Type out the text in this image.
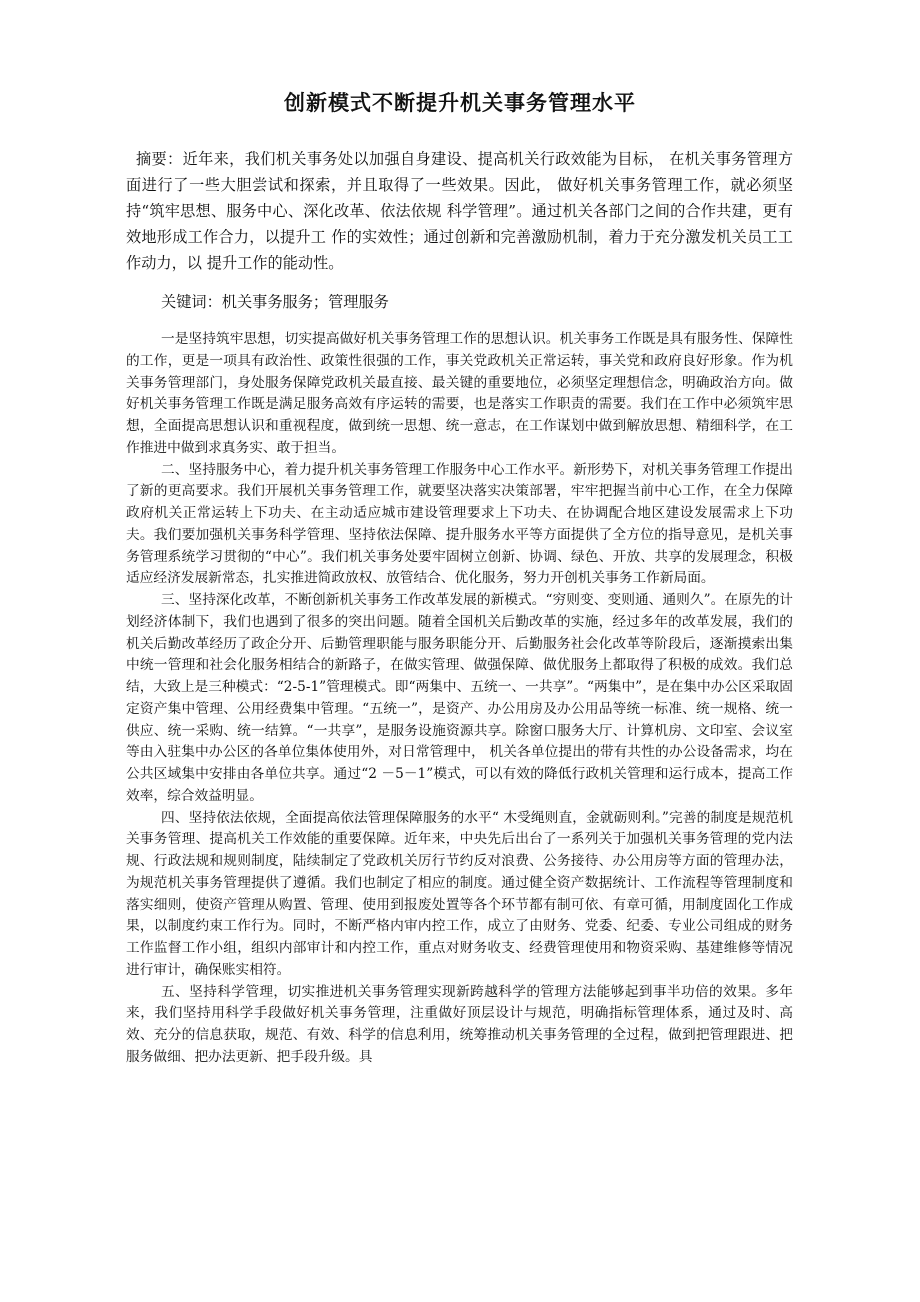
创新模式不断提升机关事务管理水平

摘要：近年来，我们机关事务处以加强自身建设、提高机关行政效能为目标， 在机关事务管理方面进行了一些大胆尝试和探索，并且取得了一些效果。因此， 做好机关事务管理工作，就必须坚持“筑牢思想、服务中心、深化改革、依法依规 科学管理”。通过机关各部门之间的合作共建，更有效地形成工作合力，以提升工 作的实效性；通过创新和完善激励机制，着力于充分激发机关员工工作动力，以 提升工作的能动性。

关键词：机关事务服务；管理服务

一是坚持筑牢思想，切实提高做好机关事务管理工作的思想认识。机关事务工作既是具有服务性、保障性的工作，更是一项具有政治性、政策性很强的工作，事关党政机关正常运转，事关党和政府良好形象。作为机关事务管理部门，身处服务保障党政机关最直接、最关键的重要地位，必须坚定理想信念，明确政治方向。做好机关事务管理工作既是满足服务高效有序运转的需要，也是落实工作职责的需要。我们在工作中必须筑牢思想，全面提高思想认识和重视程度，做到统一思想、统一意志，在工作谋划中做到解放思想、精细科学，在工作推进中做到求真务实、敢于担当。

二、坚持服务中心，着力提升机关事务管理工作服务中心工作水平。新形势下，对机关事务管理工作提出了新的更高要求。我们开展机关事务管理工作，就要坚决落实决策部署，牢牢把握当前中心工作，在全力保障政府机关正常运转上下功夫、在主动适应城市建设管理要求上下功夫、在协调配合地区建设发展需求上下功夫。我们要加强机关事务科学管理、坚持依法保障、提升服务水平等方面提供了全方位的指导意见，是机关事务管理系统学习贯彻的“中心”。我们机关事务处要牢固树立创新、协调、绿色、开放、共享的发展理念，积极适应经济发展新常态，扎实推进简政放权、放管结合、优化服务，努力开创机关事务工作新局面。

三、坚持深化改革，不断创新机关事务工作改革发展的新模式。“穷则变、变则通、通则久”。在原先的计划经济体制下，我们也遇到了很多的突出问题。随着全国机关后勤改革的实施，经过多年的改革发展，我们的机关后勤改革经历了政企分开、后勤管理职能与服务职能分开、后勤服务社会化改革等阶段后，逐渐摸索出集中统一管理和社会化服务相结合的新路子，在做实管理、做强保障、做优服务上都取得了积极的成效。我们总结，大致上是三种模式：“2-5-1”管理模式。即“两集中、五统一、一共享”。“两集中”，是在集中办公区采取固定资产集中管理、公用经费集中管理。“五统一”，是资产、办公用房及办公用品等统一标准、统一规格、统一供应、统一采购、统一结算。“一共享”，是服务设施资源共享。除窗口服务大厅、计算机房、文印室、会议室等由入驻集中办公区的各单位集体使用外，对日常管理中， 机关各单位提出的带有共性的办公设备需求，均在公共区域集中安排由各单位共享。通过“2 －5－1”模式，可以有效的降低行政机关管理和运行成本，提高工作效率，综合效益明显。

四、坚持依法依规，全面提高依法管理保障服务的水平“ 木受绳则直，金就砺则利。”完善的制度是规范机关事务管理、提高机关工作效能的重要保障。近年来，中央先后出台了一系列关于加强机关事务管理的党内法规、行政法规和规则制度，陆续制定了党政机关厉行节约反对浪费、公务接待、办公用房等方面的管理办法，为规范机关事务管理提供了遵循。我们也制定了相应的制度。通过健全资产数据统计、工作流程等管理制度和落实细则，使资产管理从购置、管理、使用到报废处置等各个环节都有制可依、有章可循，用制度固化工作成果，以制度约束工作行为。同时，不断严格内审内控工作，成立了由财务、党委、纪委、专业公司组成的财务工作监督工作小组，组织内部审计和内控工作，重点对财务收支、经费管理使用和物资采购、基建维修等情况进行审计，确保账实相符。

五、坚持科学管理，切实推进机关事务管理实现新跨越科学的管理方法能够起到事半功倍的效果。多年来，我们坚持用科学手段做好机关事务管理，注重做好顶层设计与规范，明确指标管理体系，通过及时、高效、充分的信息获取，规范、有效、科学的信息利用，统筹推动机关事务管理的全过程，做到把管理跟进、把服务做细、把办法更新、把手段升级。具
